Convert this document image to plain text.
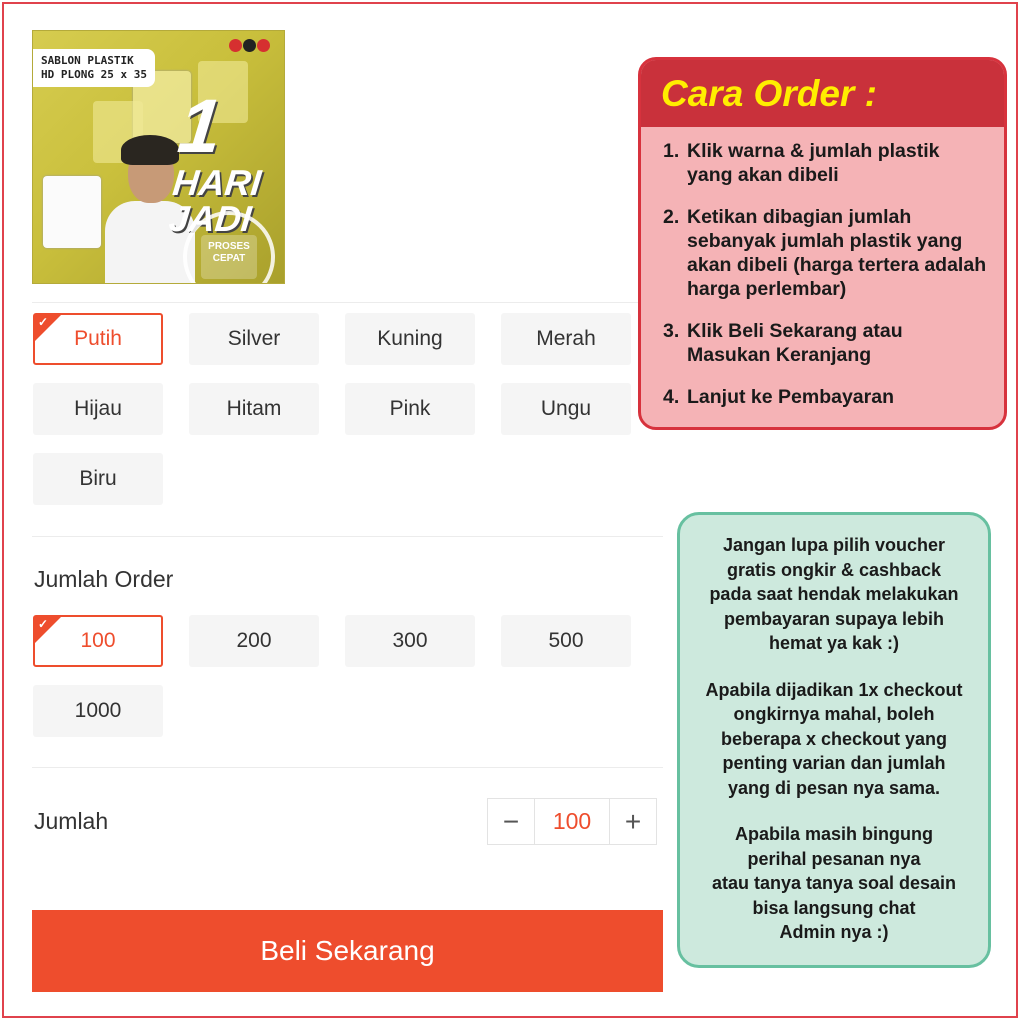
SABLON PLASTIK
HD PLONG 25 x 35
1
HARI
JADI
PROSES
CEPAT
Putih
✓
Silver	Kuning	Merah
Hijau	Hitam	Pink	Ungu
Biru
Jumlah Order
100
✓
200	300	500
1000
Jumlah	−	100	+
Beli Sekarang
Cara Order :
1. Klik warna & jumlah plastik yang akan dibeli
2. Ketikan dibagian jumlah sebanyak jumlah plastik yang akan dibeli (harga tertera adalah harga perlembar)
3. Klik Beli Sekarang atau Masukan Keranjang
4. Lanjut ke Pembayaran

Jangan lupa pilih voucher
gratis ongkir & cashback
pada saat hendak melakukan
pembayaran supaya lebih
hemat ya kak :)

Apabila dijadikan 1x checkout
ongkirnya mahal, boleh
beberapa x checkout yang
penting varian dan jumlah
yang di pesan nya sama.

Apabila masih bingung
perihal pesanan nya
atau tanya tanya soal desain
bisa langsung chat
Admin nya :)
